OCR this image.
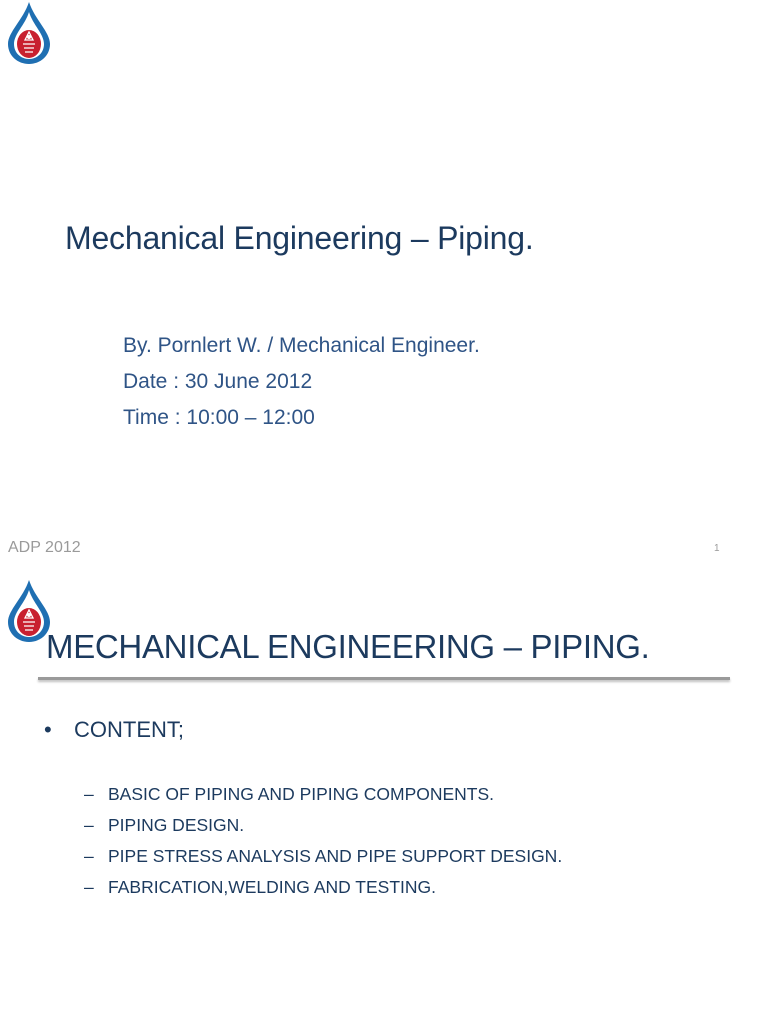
Mechanical Engineering – Piping.
By. Pornlert W. / Mechanical Engineer.
Date : 30 June 2012
Time : 10:00 – 12:00
ADP 2012	1
MECHANICAL ENGINEERING – PIPING.
• CONTENT;
– BASIC OF PIPING AND PIPING COMPONENTS.
– PIPING DESIGN.
– PIPE STRESS ANALYSIS AND PIPE SUPPORT DESIGN.
– FABRICATION,WELDING AND TESTING.
